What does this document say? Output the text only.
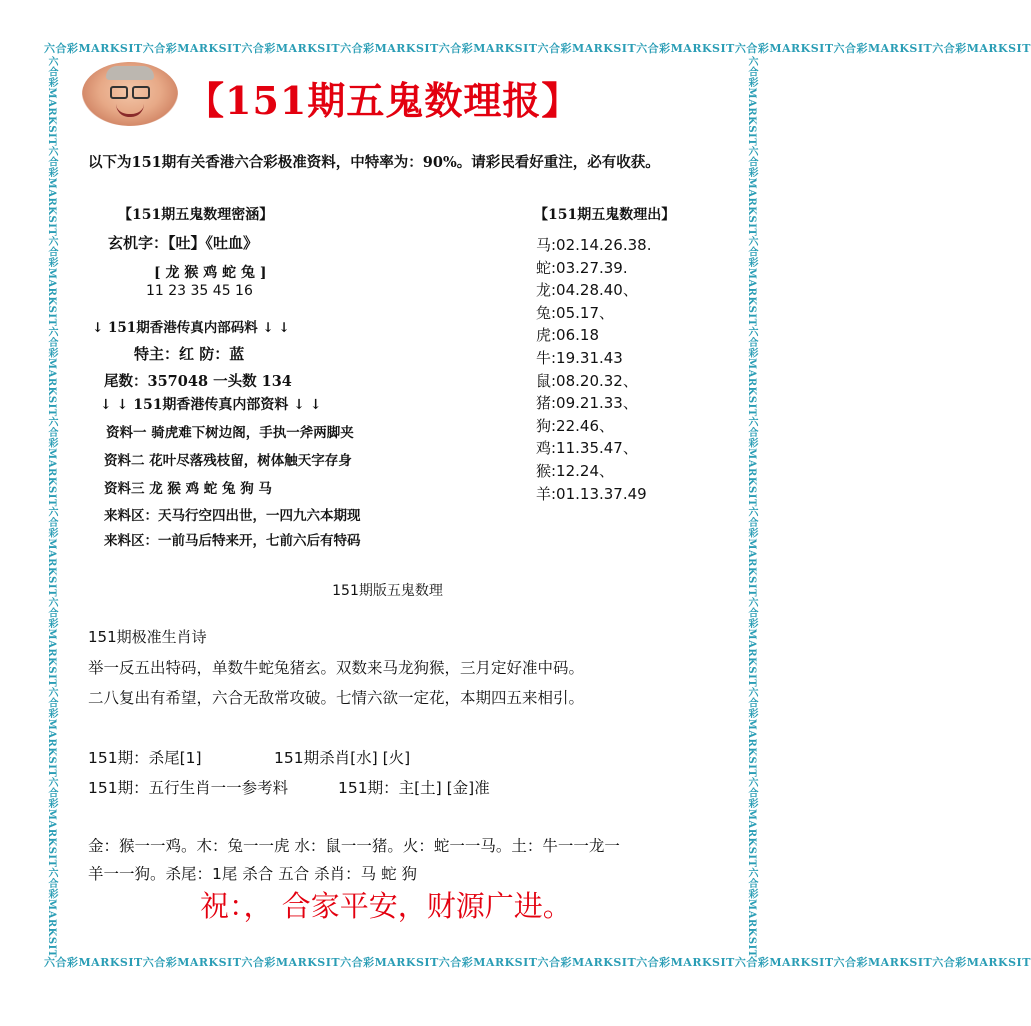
六合彩MARKSIT六合彩MARKSIT六合彩MARKSIT六合彩MARKSIT六合彩MARKSIT六合彩MARKSIT六合彩MARKSIT六合彩MARKSIT六合彩MARKSIT六合彩MARKSIT
六合彩MARKSIT六合彩MARKSIT六合彩MARKSIT六合彩MARKSIT六合彩MARKSIT六合彩MARKSIT六合彩MARKSIT六合彩MARKSIT六合彩MARKSIT六合彩MARKSIT
六合彩MARKSIT六合彩MARKSIT六合彩MARKSIT六合彩MARKSIT六合彩MARKSIT六合彩MARKSIT六合彩MARKSIT六合彩MARKSIT六合彩MARKSIT六合彩MARKSIT	六合彩MARKSIT六合彩MARKSIT六合彩MARKSIT六合彩MARKSIT六合彩MARKSIT六合彩MARKSIT六合彩MARKSIT六合彩MARKSIT六合彩MARKSIT六合彩MARKSIT
【151期五鬼数理报】
以下为151期有关香港六合彩极准资料，中特率为：90%。请彩民看好重注，必有收获。
【151期五鬼数理密涵】
玄机字：【吐】《吐血》
[ 龙 猴 鸡 蛇 兔 ]
11 23 35 45 16
↓ 151期香港传真内部码料 ↓ ↓
特主：红 防：蓝
尾数：357048 一头数 134
↓ ↓ 151期香港传真内部资料 ↓ ↓
资料一 骑虎难下树边阁，手执一斧两脚夹
资料二 花叶尽落残枝留，树体触天字存身
资料三 龙 猴 鸡 蛇 兔 狗 马
来料区：天马行空四出世，一四九六本期现
来料区：一前马后特来开，七前六后有特码
【151期五鬼数理出】
马:02.14.26.38.
蛇:03.27.39.
龙:04.28.40、
兔:05.17、
虎:06.18
牛:19.31.43
鼠:08.20.32、
猪:09.21.33、
狗:22.46、
鸡:11.35.47、
猴:12.24、
羊:01.13.37.49
151期版五鬼数理
151期极准生肖诗
举一反五出特码，单数牛蛇兔猪玄。双数来马龙狗猴，三月定好准中码。
二八复出有希望，六合无敌常攻破。七情六欲一定花，本期四五来相引。
151期：杀尾[1]	151期杀肖[水] [火]
151期：五行生肖一一参考料	151期：主[土] [金]准
金：猴一一鸡。木：兔一一虎 水：鼠一一猪。火：蛇一一马。土：牛一一龙一
羊一一狗。杀尾：1尾 杀合 五合 杀肖：马 蛇 狗
祝：， 合家平安，财源广进。
